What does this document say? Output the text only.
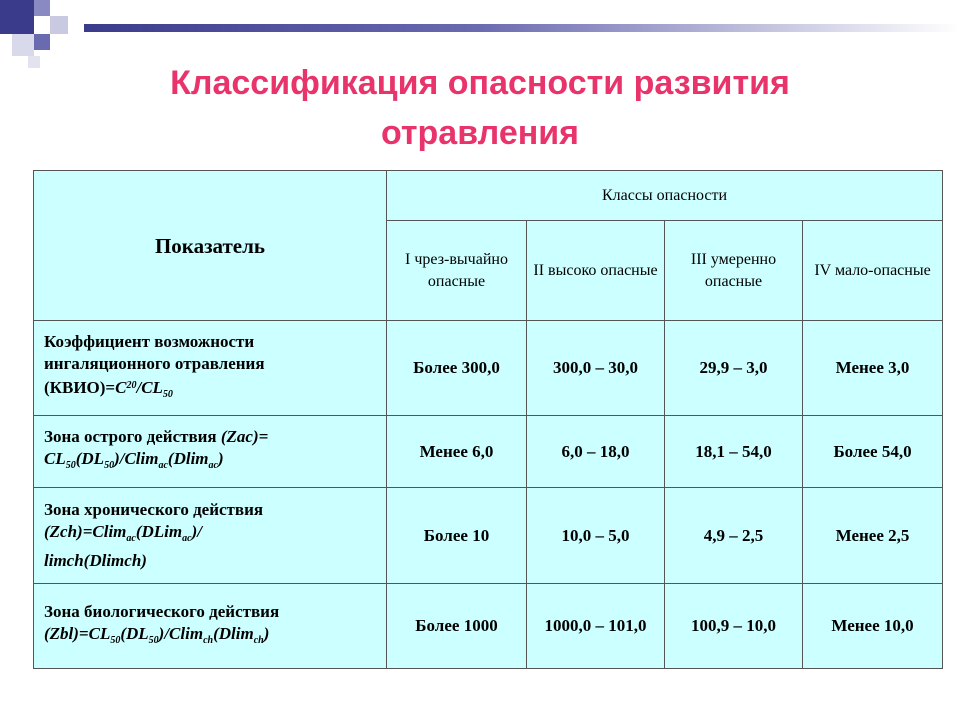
Классификация опасности развития
отравления
Показатель	Классы опасности			
	I чрез-вычайно опасные	II высоко опасные	III умеренно опасные	IV мало-опасные
Коэффициент возможности ингаляционного отравления $(КВИО)=C^{20}/CL_{50}$	Более 300,0	300,0 – 30,0	29,9 – 3,0	Менее 3,0
Зона острого действия (Zac)=
$CL_{50}(DL_{50})/Clim_{ac}(Dlim_{ac})$	Менее 6,0	6,0 – 18,0	18,1 – 54,0	Более 54,0
Зона хронического действия
(Zch)=Clim$_{ac}$(DLim$_{ac}$)/
limch(Dlimch)	Более 10	10,0 – 5,0	4,9 – 2,5	Менее 2,5
Зона биологического действия
$(Zbl)=CL_{50}(DL_{50})/Clim_{ch}(Dlim_{ch})$	Более 1000	1000,0 – 101,0	100,9 – 10,0	Менее 10,0
